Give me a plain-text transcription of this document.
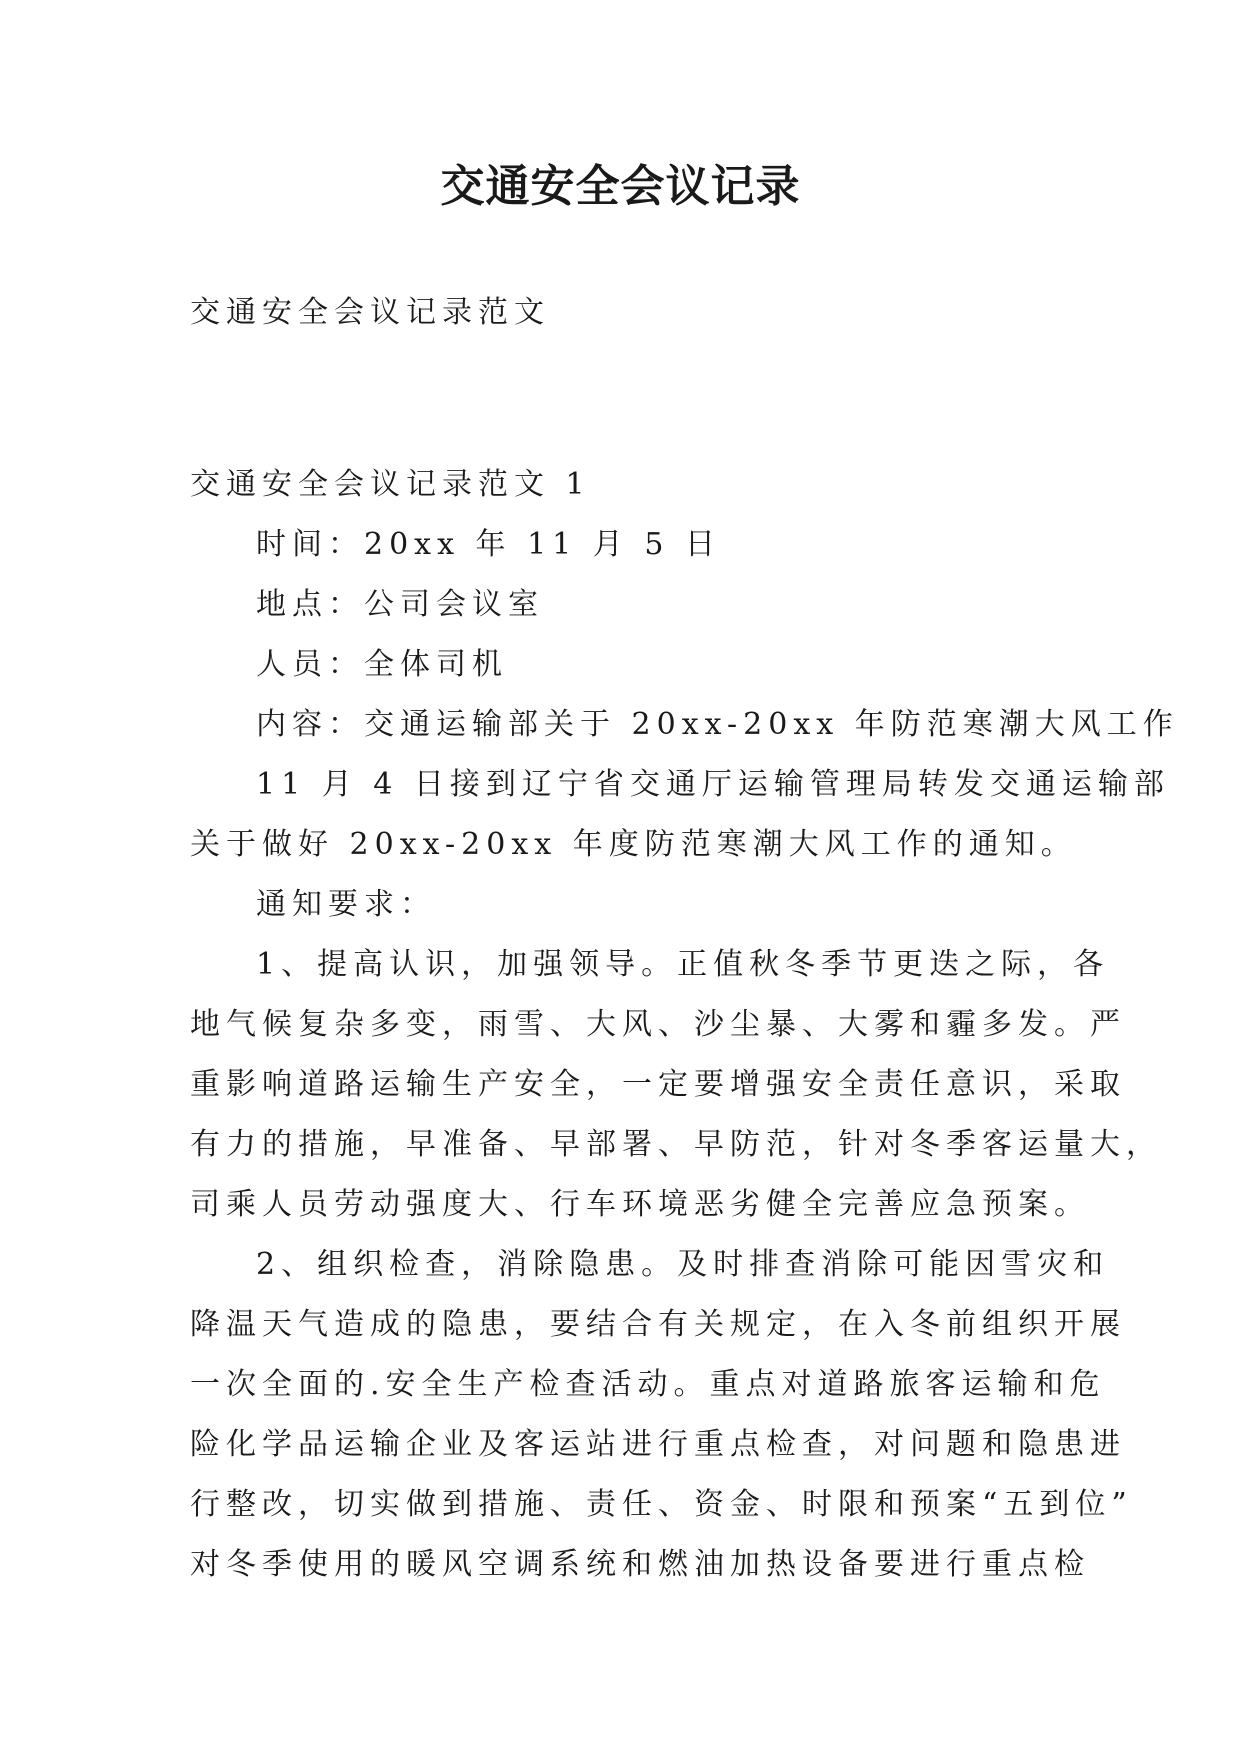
交通安全会议记录
交通安全会议记录范文
交通安全会议记录范文 1
时间：20xx 年 11 月 5 日
地点：公司会议室
人员：全体司机
内容：交通运输部关于 20xx-20xx 年防范寒潮大风工作
11 月 4 日接到辽宁省交通厅运输管理局转发交通运输部
关于做好 20xx-20xx 年度防范寒潮大风工作的通知。
通知要求：
1、提高认识，加强领导。正值秋冬季节更迭之际，各
地气候复杂多变，雨雪、大风、沙尘暴、大雾和霾多发。严
重影响道路运输生产安全，一定要增强安全责任意识，采取
有力的措施，早准备、早部署、早防范，针对冬季客运量大，
司乘人员劳动强度大、行车环境恶劣健全完善应急预案。
2、组织检查，消除隐患。及时排查消除可能因雪灾和
降温天气造成的隐患，要结合有关规定，在入冬前组织开展
一次全面的.安全生产检查活动。重点对道路旅客运输和危
险化学品运输企业及客运站进行重点检查，对问题和隐患进
行整改，切实做到措施、责任、资金、时限和预案“五到位”
对冬季使用的暖风空调系统和燃油加热设备要进行重点检
